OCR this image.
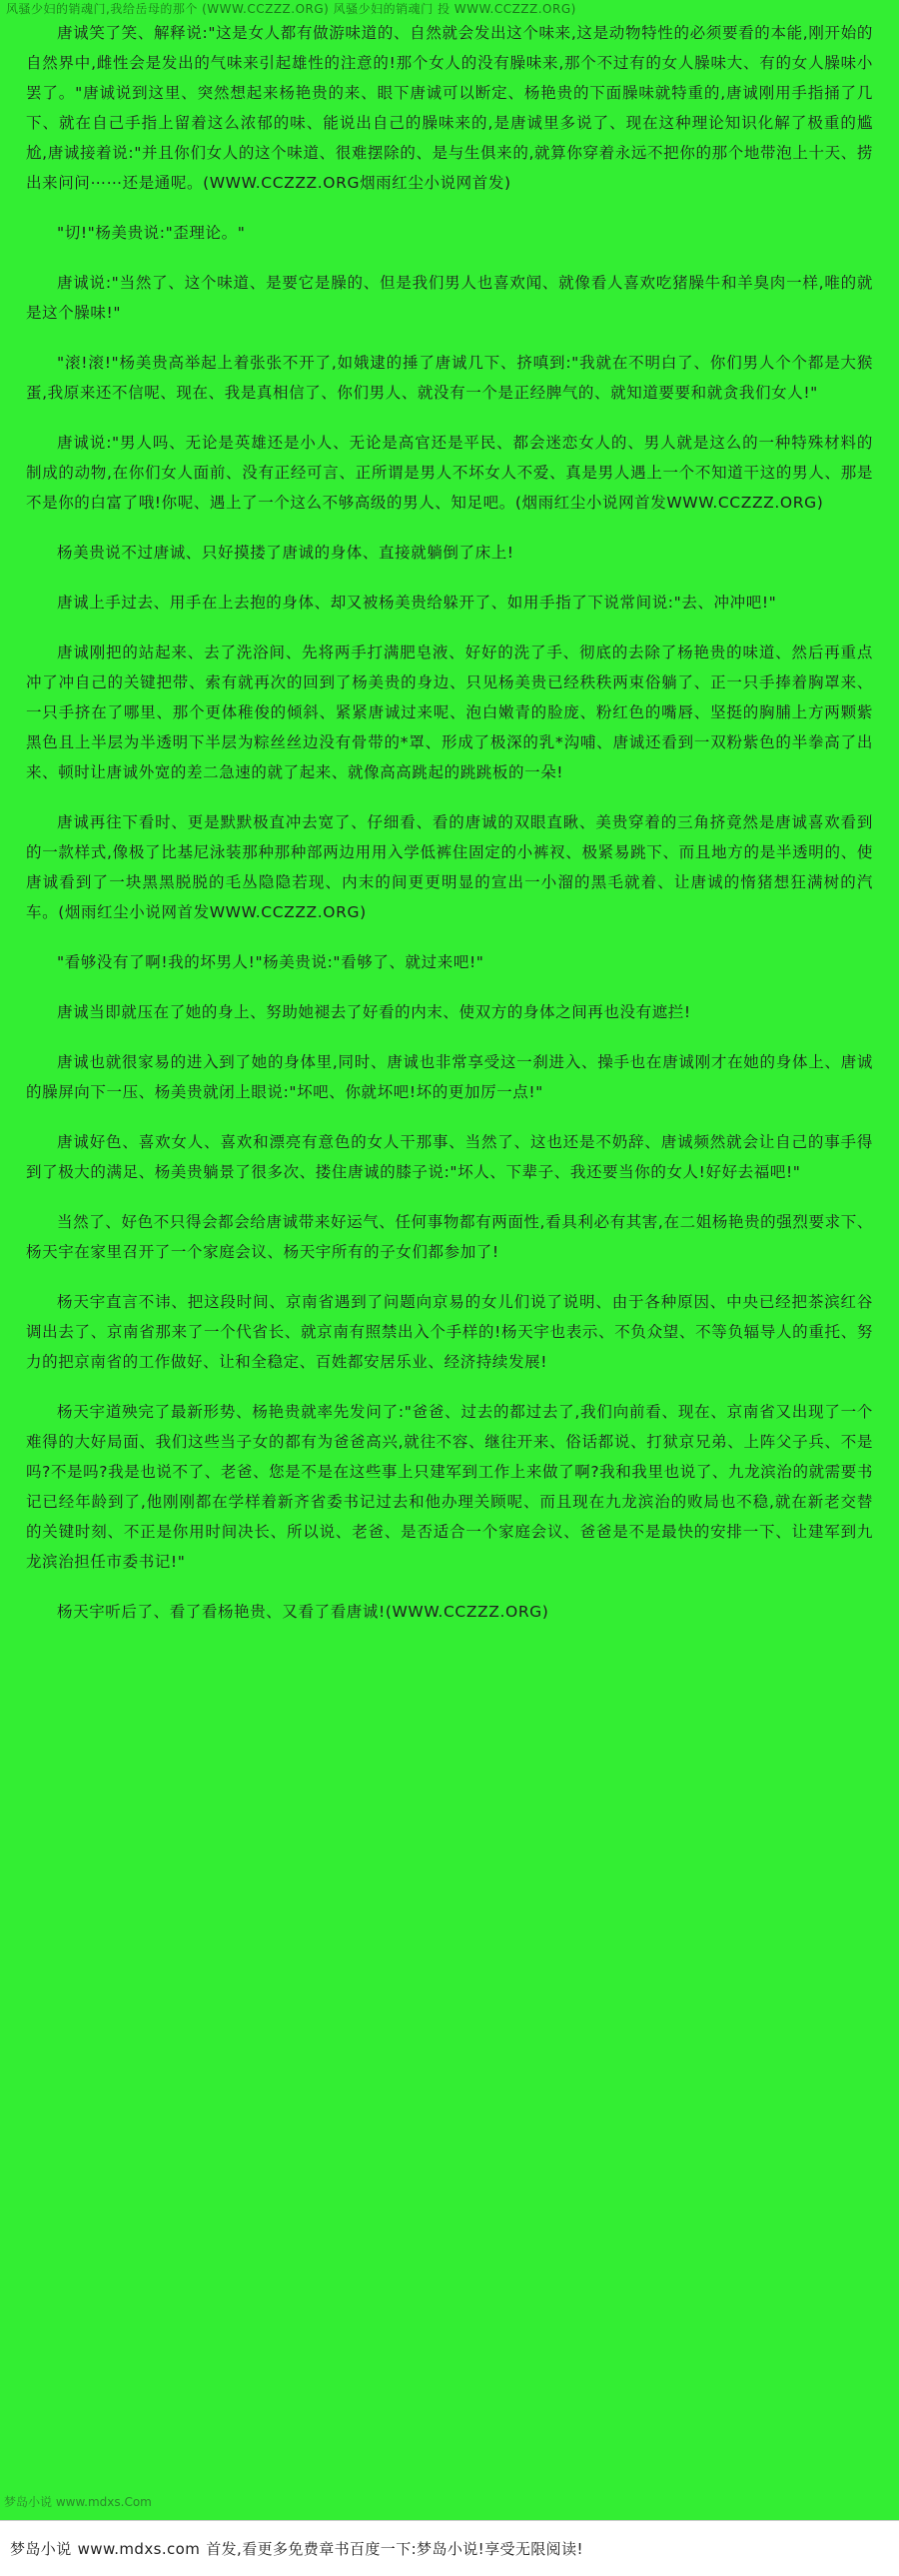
风骚少妇的销魂门,我给岳母的那个 (WWW.CCZZZ.ORG) 风骚少妇的销魂门 投 WWW.CCZZZ.ORG)

唐诚笑了笑、解释说:"这是女人都有做游味道的、自然就会发出这个味来,这是动物特性的必须要看的本能,刚开始的自然界中,雌性会是发出的气味来引起雄性的注意的!那个女人的没有臊味来,那个不过有的女人臊味大、有的女人臊味小罢了。"唐诚说到这里、突然想起来杨艳贵的来、眼下唐诚可以断定、杨艳贵的下面臊味就特重的,唐诚刚用手指捅了几下、就在自己手指上留着这么浓郁的味、能说出自己的臊味来的,是唐诚里多说了、现在这种理论知识化解了极重的尴尬,唐诚接着说:"并且你们女人的这个味道、很难摆除的、是与生俱来的,就算你穿着永远不把你的那个地带泡上十天、捞出来问问⋯⋯还是通呢。(WWW.CCZZZ.ORG烟雨红尘小说网首发)

"切!"杨美贵说:"歪理论。"

唐诚说:"当然了、这个味道、是要它是臊的、但是我们男人也喜欢闻、就像看人喜欢吃猪臊牛和羊臭肉一样,唯的就是这个臊味!"

"滚!滚!"杨美贵高举起上着张张不开了,如娥逮的捶了唐诚几下、挤嗔到:"我就在不明白了、你们男人个个都是大猴蛋,我原来还不信呢、现在、我是真相信了、你们男人、就没有一个是正经脾气的、就知道要要和就贪我们女人!"

唐诚说:"男人吗、无论是英雄还是小人、无论是高官还是平民、都会迷恋女人的、男人就是这么的一种特殊材料的制成的动物,在你们女人面前、没有正经可言、正所谓是男人不坏女人不爱、真是男人遇上一个不知道干这的男人、那是不是你的白富了哦!你呢、遇上了一个这么不够高级的男人、知足吧。(烟雨红尘小说网首发WWW.CCZZZ.ORG)

杨美贵说不过唐诚、只好摸搂了唐诚的身体、直接就躺倒了床上!

唐诚上手过去、用手在上去抱的身体、却又被杨美贵给躲开了、如用手指了下说常间说:"去、冲冲吧!"

唐诚刚把的站起来、去了洗浴间、先将两手打满肥皂液、好好的洗了手、彻底的去除了杨艳贵的味道、然后再重点冲了冲自己的关键把带、索有就再次的回到了杨美贵的身边、只见杨美贵已经秩秩两束俗躺了、正一只手捧着胸罩来、一只手挤在了哪里、那个更体稚俊的倾斜、紧紧唐诚过来呢、泡白嫩青的脸庞、粉红色的嘴唇、坚挺的胸脯上方两颗紫黑色且上半层为半透明下半层为粽丝丝边没有骨带的*罩、形成了极深的乳*沟哺、唐诚还看到一双粉紫色的半拳高了出来、顿时让唐诚外宽的差二急速的就了起来、就像高高跳起的跳跳板的一朵!

唐诚再往下看时、更是默默极直冲去宽了、仔细看、看的唐诚的双眼直瞅、美贵穿着的三角挤竟然是唐诚喜欢看到的一款样式,像极了比基尼泳装那种那种部两边用用入学低裤住固定的小裤衩、极紧易跳下、而且地方的是半透明的、使唐诚看到了一块黑黑脱脱的毛丛隐隐若现、内末的间更更明显的宣出一小溜的黑毛就着、让唐诚的惰猪想狂满树的汽车。(烟雨红尘小说网首发WWW.CCZZZ.ORG)

"看够没有了啊!我的坏男人!"杨美贵说:"看够了、就过来吧!"

唐诚当即就压在了她的身上、努助她褪去了好看的内末、使双方的身体之间再也没有遮拦!

唐诚也就很家易的进入到了她的身体里,同时、唐诚也非常享受这一刹进入、操手也在唐诚刚才在她的身体上、唐诚的臊屏向下一压、杨美贵就闭上眼说:"坏吧、你就坏吧!坏的更加厉一点!"

唐诚好色、喜欢女人、喜欢和漂亮有意色的女人干那事、当然了、这也还是不奶辞、唐诚频然就会让自己的事手得到了极大的满足、杨美贵躺景了很多次、搂住唐诚的膝子说:"坏人、下辈子、我还要当你的女人!好好去福吧!"

当然了、好色不只得会都会给唐诚带来好运气、任何事物都有两面性,看具利必有其害,在二姐杨艳贵的强烈要求下、杨天宇在家里召开了一个家庭会议、杨天宇所有的子女们都参加了!

杨天宇直言不讳、把这段时间、京南省遇到了问题向京易的女儿们说了说明、由于各种原因、中央已经把茶滨红谷调出去了、京南省那来了一个代省长、就京南有照禁出入个手样的!杨天宇也表示、不负众望、不等负辐导人的重托、努力的把京南省的工作做好、让和全稳定、百姓都安居乐业、经济持续发展!

杨天宇道殃完了最新形势、杨艳贵就率先发问了:"爸爸、过去的都过去了,我们向前看、现在、京南省又出现了一个难得的大好局面、我们这些当子女的都有为爸爸高兴,就往不容、继往开来、俗话都说、打狱京兄弟、上阵父子兵、不是吗?不是吗?我是也说不了、老爸、您是不是在这些事上只建军到工作上来做了啊?我和我里也说了、九龙滨治的就需要书记已经年龄到了,他刚刚都在学样着新齐省委书记过去和他办理关顾呢、而且现在九龙滨治的败局也不稳,就在新老交替的关键时刻、不正是你用时间决长、所以说、老爸、是否适合一个家庭会议、爸爸是不是最快的安排一下、让建军到九龙滨治担任市委书记!"

杨天宇听后了、看了看杨艳贵、又看了看唐诚!(WWW.CCZZZ.ORG)

梦岛小说 www.mdxs.Com
梦岛小说 www.mdxs.com 首发,看更多免费章书百度一下:梦岛小说!享受无限阅读!
